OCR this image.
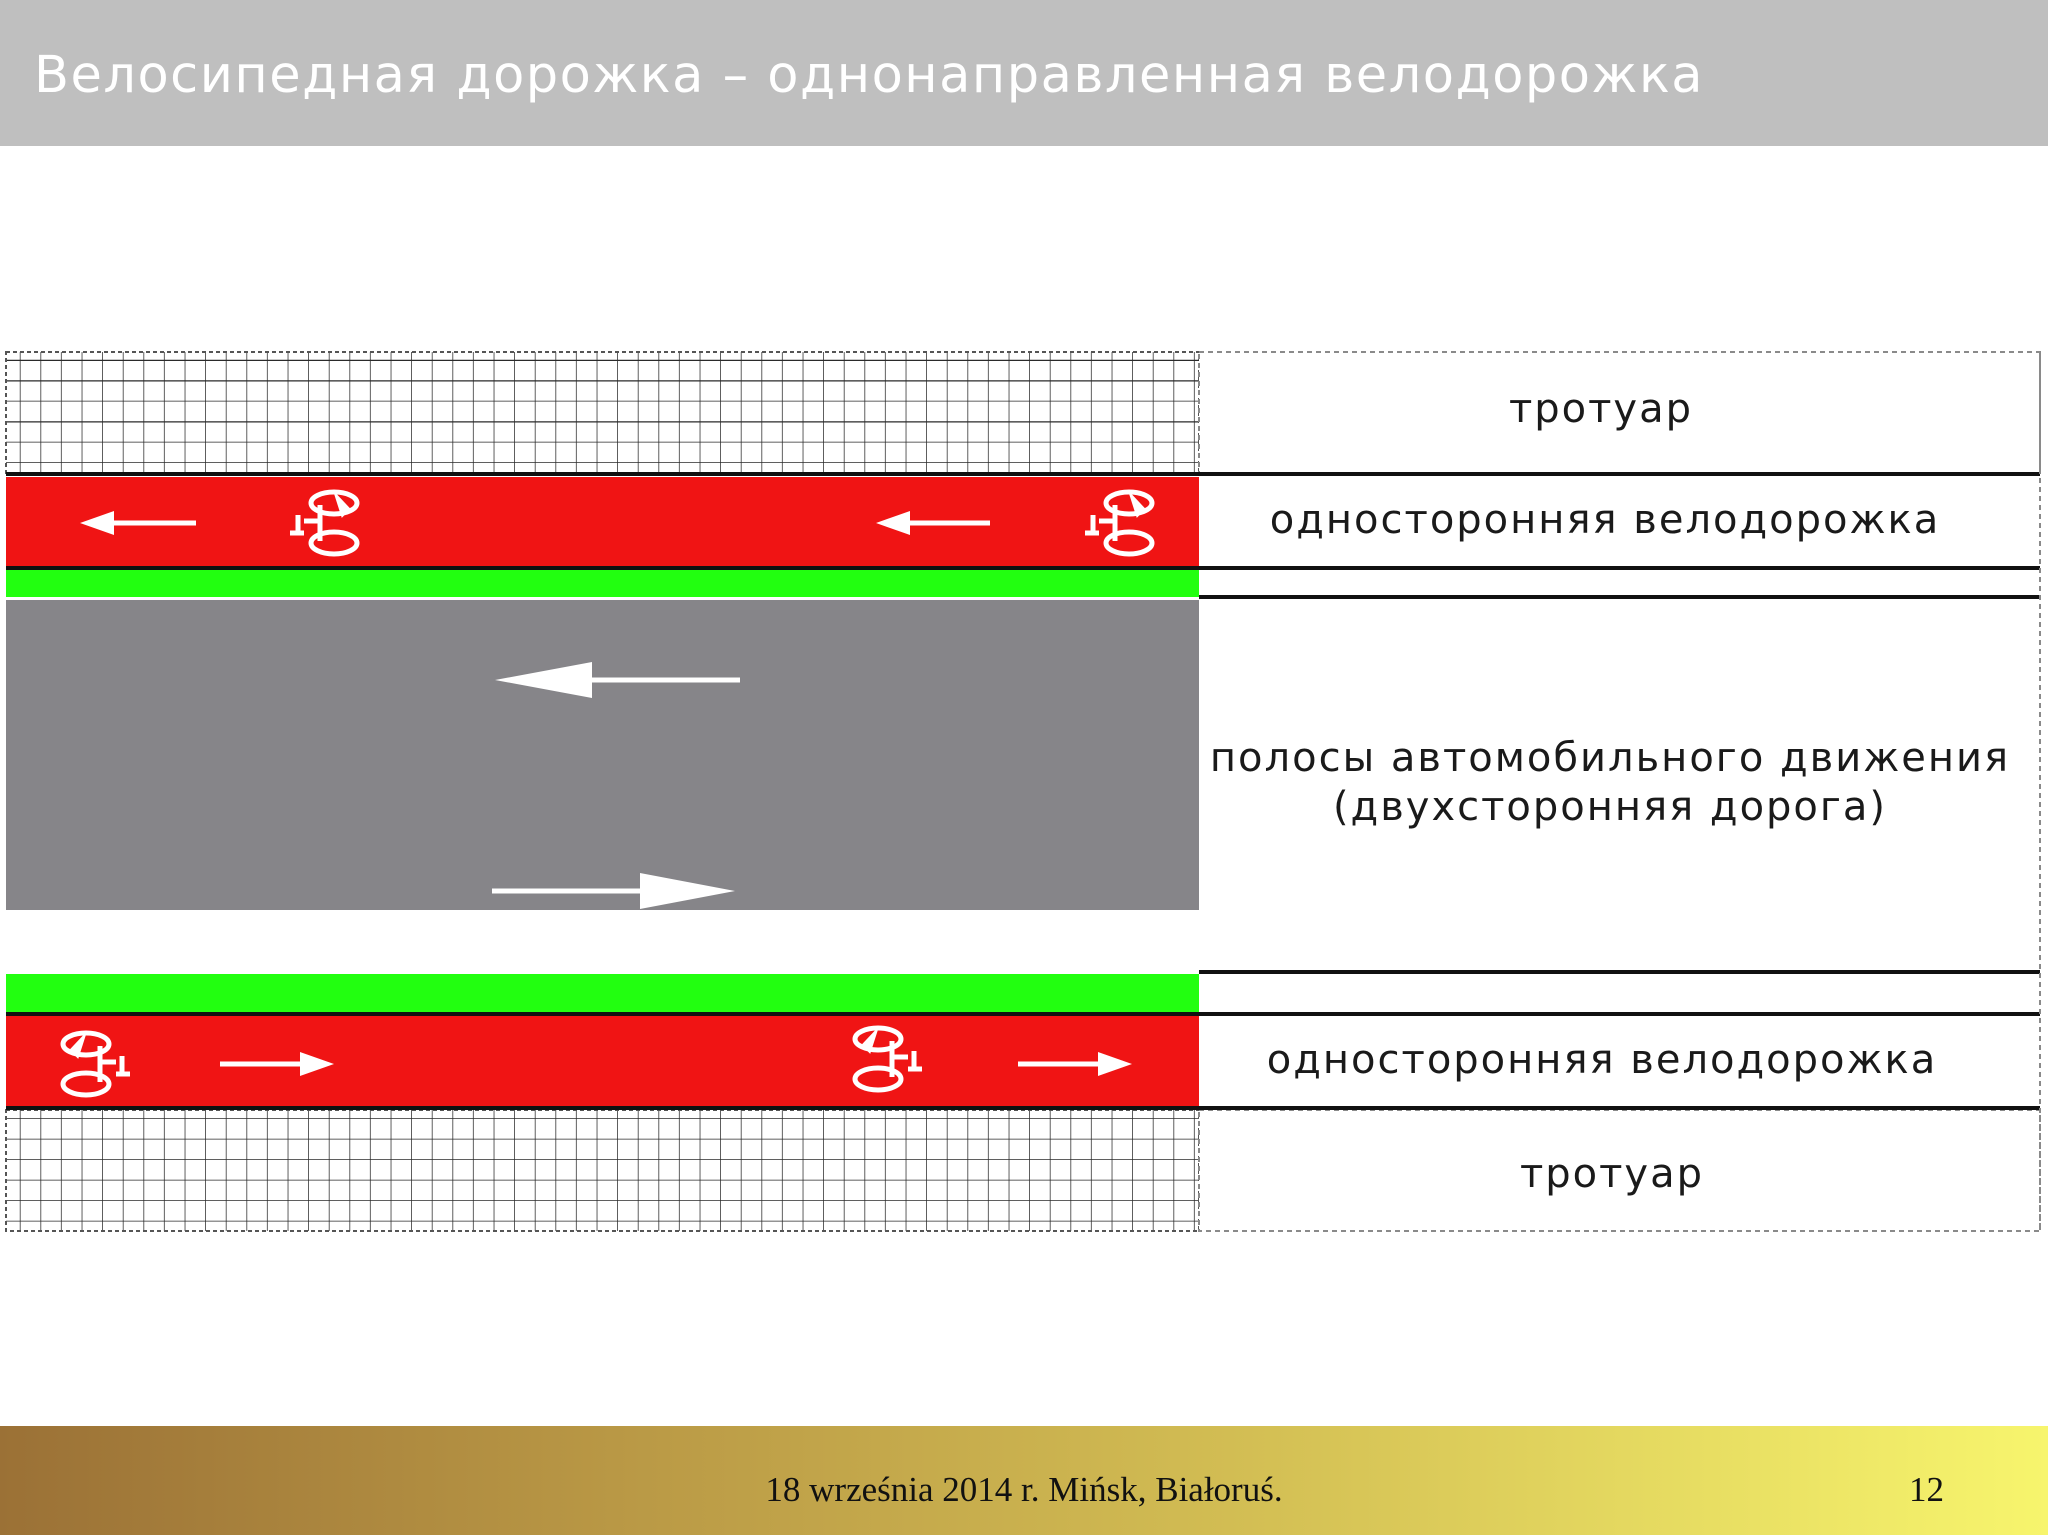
Велосипедная дорожка – однонаправленная велодорожка
тротуар
односторонняя велодорожка
полосы автомобильного движения
(двухсторонняя дорога)
односторонняя велодорожка
тротуар
18 września 2014 r. Mińsk, Białoruś.	12
